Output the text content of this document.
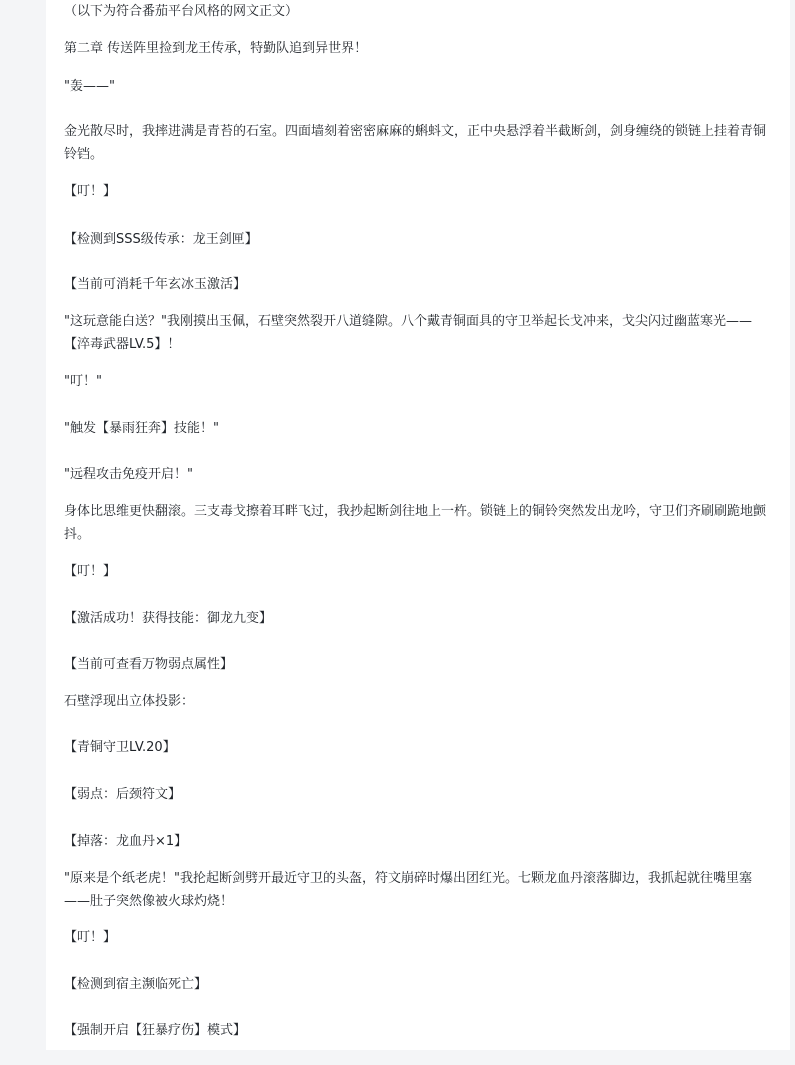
（以下为符合番茄平台风格的网文正文）

第二章 传送阵里捡到龙王传承，特勤队追到异世界！

"轰——"

金光散尽时，我摔进满是青苔的石室。四面墙刻着密密麻麻的蝌蚪文，正中央悬浮着半截断剑，剑身缠绕的锁链上挂着青铜铃铛。

【叮！】

【检测到SSS级传承：龙王剑匣】

【当前可消耗千年玄冰玉激活】

"这玩意能白送？"我刚摸出玉佩，石壁突然裂开八道缝隙。八个戴青铜面具的守卫举起长戈冲来，戈尖闪过幽蓝寒光——【淬毒武器LV.5】！

"叮！"

"触发【暴雨狂奔】技能！"

"远程攻击免疫开启！"

身体比思维更快翻滚。三支毒戈擦着耳畔飞过，我抄起断剑往地上一杵。锁链上的铜铃突然发出龙吟，守卫们齐刷刷跪地颤抖。

【叮！】

【激活成功！获得技能：御龙九变】

【当前可查看万物弱点属性】

石壁浮现出立体投影：

【青铜守卫LV.20】

【弱点：后颈符文】

【掉落：龙血丹×1】

"原来是个纸老虎！"我抡起断剑劈开最近守卫的头盔，符文崩碎时爆出团红光。七颗龙血丹滚落脚边，我抓起就往嘴里塞——肚子突然像被火球灼烧！

【叮！】

【检测到宿主濒临死亡】

【强制开启【狂暴疗伤】模式】
